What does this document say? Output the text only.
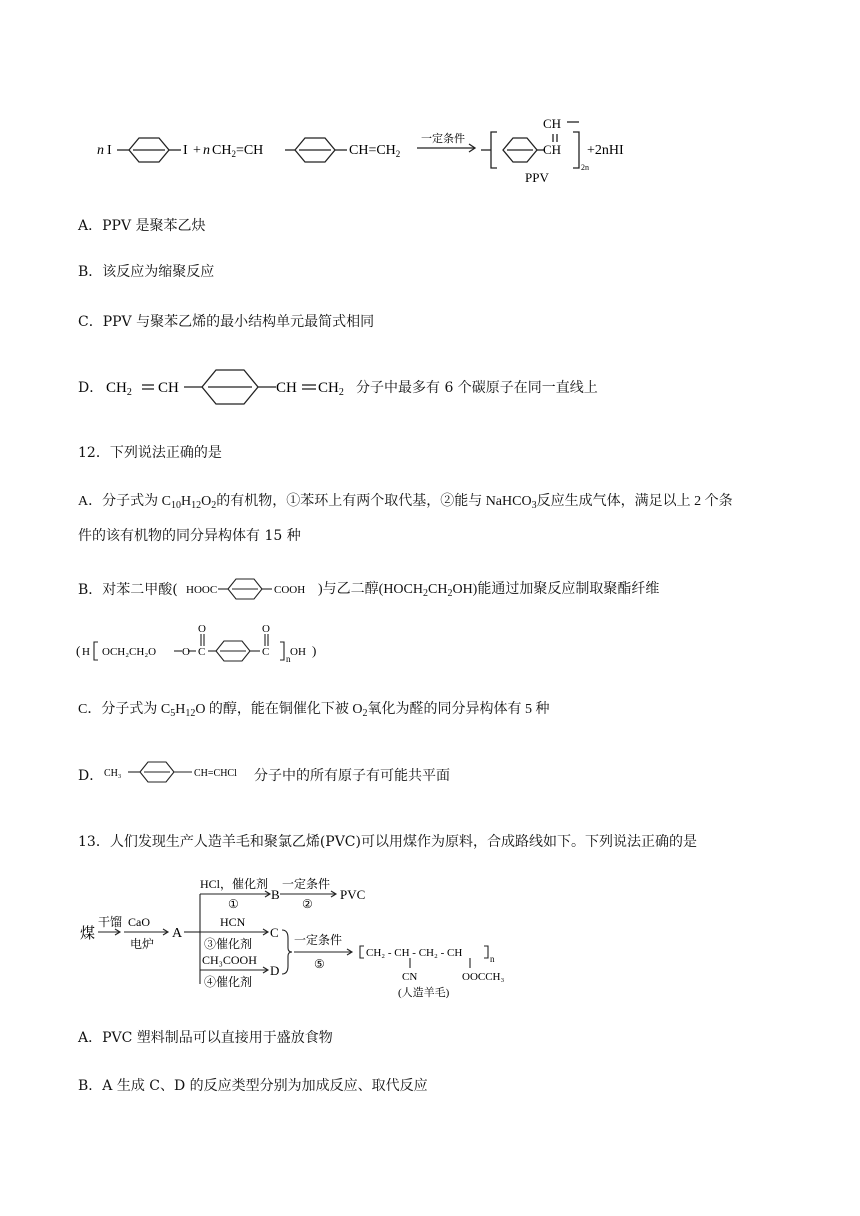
n I	I + n $CH_2=CH$	$CH=CH_2$
一定条件
CH
CH
2n
+2nHI
PPV
A．PPV 是聚苯乙炔
B．该反应为缩聚反应
C．PPV 与聚苯乙烯的最小结构单元最简式相同
D． $CH_2$ CH	CH $CH_2$ 分子中最多有 6 个碳原子在同一直线上
12．下列说法正确的是
A．分子式为 $C_{10}H_{12}O_2$的有机物，①苯环上有两个取代基，②能与 NaHCO$_3$反应生成气体，满足以上 2 个条
件的该有机物的同分异构体有 15 种
B．对苯二甲酸( HOOC	COOH )与乙二醇$(HOCH_2CH_2OH)$能通过加聚反应制取聚酯纤维
( H OCH₂CH₂O O C
O
C
O
n
OH )
C．分子式为 $C_5H_{12}O$ 的醇，能在铜催化下被 $O_2$氧化为醛的同分异构体有 5 种
D． CH₃	CH=CHCl 分子中的所有原子有可能共平面
13．人们发现生产人造羊毛和聚氯乙烯(PVC)可以用煤作为原料，合成路线如下。下列说法正确的是
煤
干馏 CaO
电炉
A
HCl，催化剂
①
B
一定条件
②
PVC
HCN
③催化剂
C
CH₃COOH
④催化剂
D
一定条件
⑤
CH₂ - CH - CH₂ - CH	n
CN	OOCCH₃
(人造羊毛)
A．PVC 塑料制品可以直接用于盛放食物
B．A 生成 C、D 的反应类型分别为加成反应、取代反应
